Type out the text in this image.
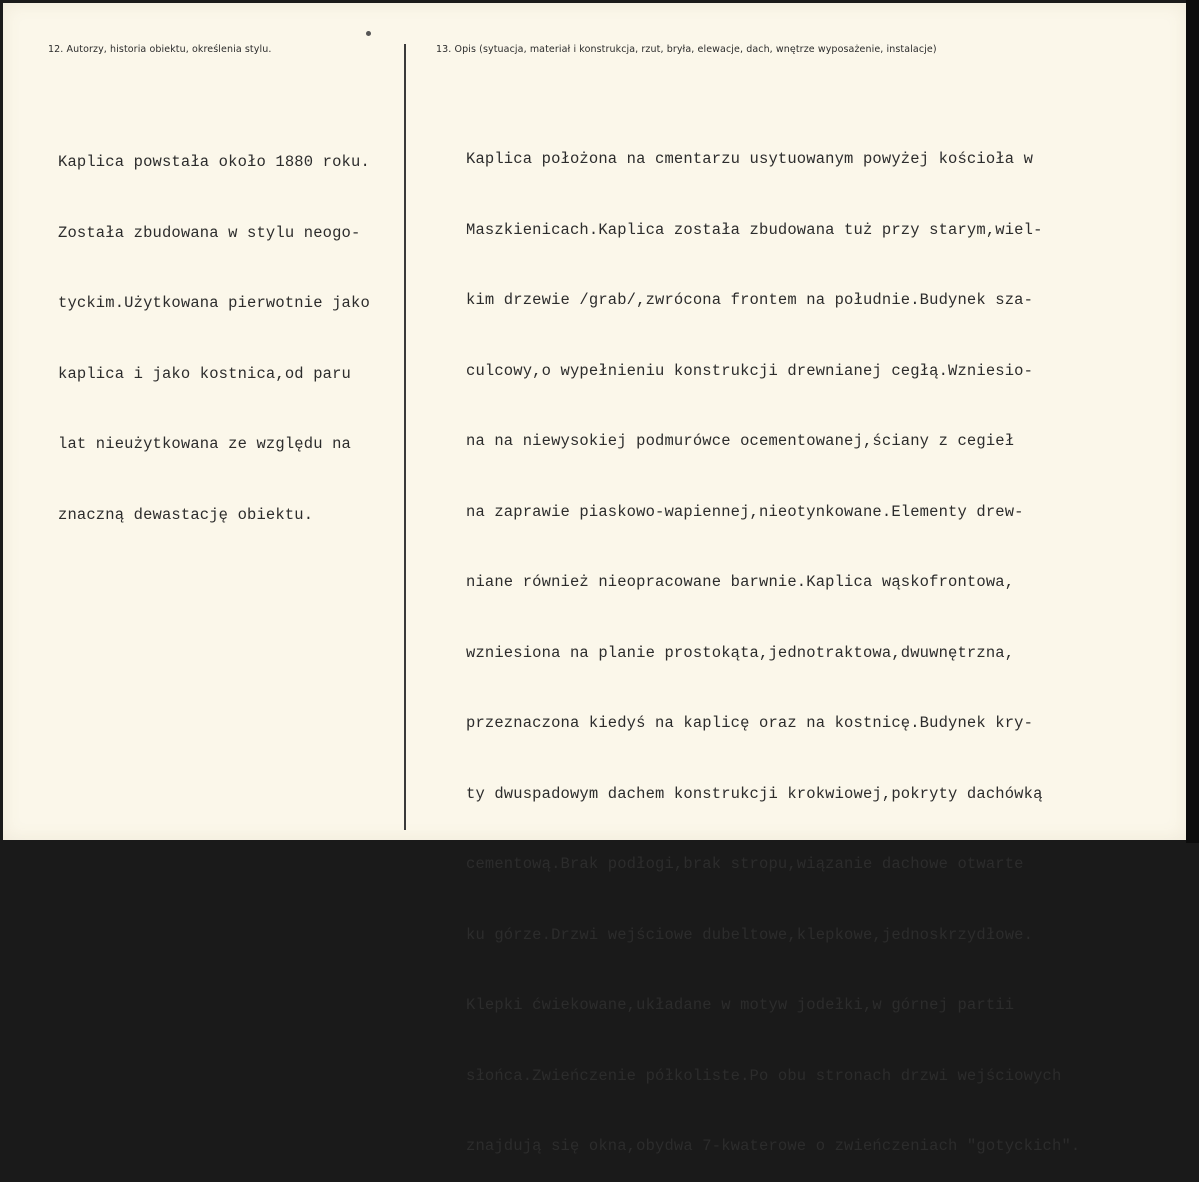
12. Autorzy, historia obiektu, określenia stylu.	13. Opis (sytuacja, materiał i konstrukcja, rzut, bryła, elewacje, dach, wnętrze wyposażenie, instalacje)

Kaplica powstała około 1880 roku.

Została zbudowana w stylu neogo-

tyckim.Użytkowana pierwotnie jako

kaplica i jako kostnica,od paru

lat nieużytkowana ze względu na

znaczną dewastację obiektu.

Kaplica położona na cmentarzu usytuowanym powyżej kościoła w

Maszkienicach.Kaplica została zbudowana tuż przy starym,wiel-

kim drzewie /grab/,zwrócona frontem na południe.Budynek sza-

culcowy,o wypełnieniu konstrukcji drewnianej cegłą.Wzniesio-

na na niewysokiej podmurówce ocementowanej,ściany z cegieł

na zaprawie piaskowo-wapiennej,nieotynkowane.Elementy drew-

niane również nieopracowane barwnie.Kaplica wąskofrontowa,

wzniesiona na planie prostokąta,jednotraktowa,dwuwnętrzna,

przeznaczona kiedyś na kaplicę oraz na kostnicę.Budynek kry-

ty dwuspadowym dachem konstrukcji krokwiowej,pokryty dachówką

cementową.Brak podłogi,brak stropu,wiązanie dachowe otwarte

ku górze.Drzwi wejściowe dubeltowe,klepkowe,jednoskrzydłowe.

Klepki ćwiekowane,układane w motyw jodełki,w górnej partii

słońca.Zwieńczenie półkoliste.Po obu stronach drzwi wejściowych

znajdują się okna,obydwa 7-kwaterowe o zwieńczeniach "gotyckich".
